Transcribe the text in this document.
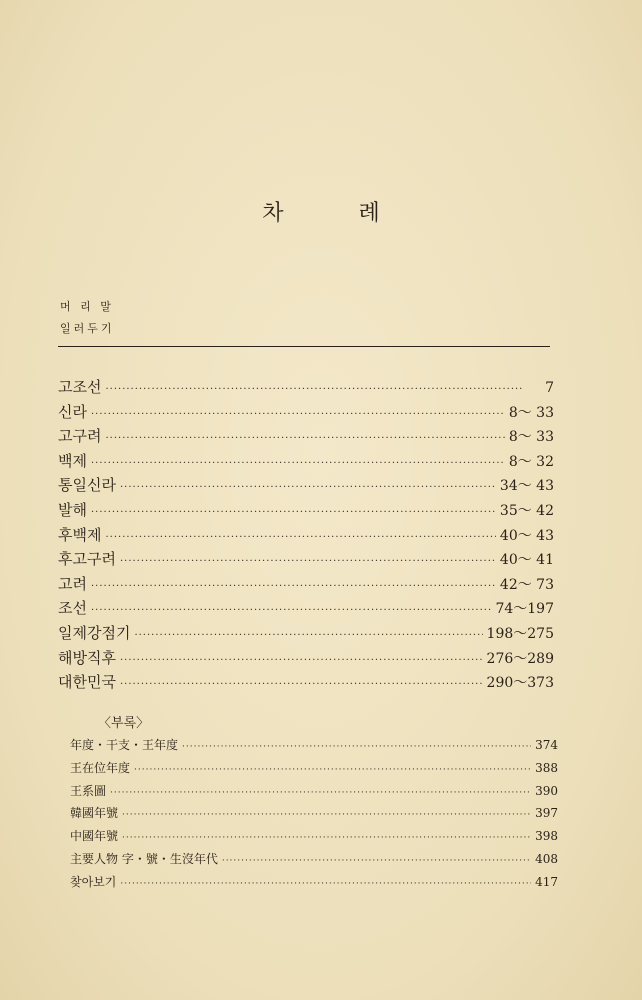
차 례
머 리 말
일러두기
고조선 ·····	7
신라 ·····	8～ 33
고구려 ·····	8～ 33
백제 ·····	8～ 32
통일신라 ·····	34～ 43
발해 ·····	35～ 42
후백제 ·····	40～ 43
후고구려 ·····	40～ 41
고려 ·····	42～ 73
조선 ·····	74～197
일제강점기 ·····	198～275
해방직후 ·····	276～289
대한민국 ·····	290～373
〈부록〉
年度・干支・王年度 ·····	374
王在位年度 ·····	388
王系圖 ·····	390
韓國年號 ·····	397
中國年號 ·····	398
主要人物 字・號・生沒年代 ·····	408
찾아보기 ·····	417
